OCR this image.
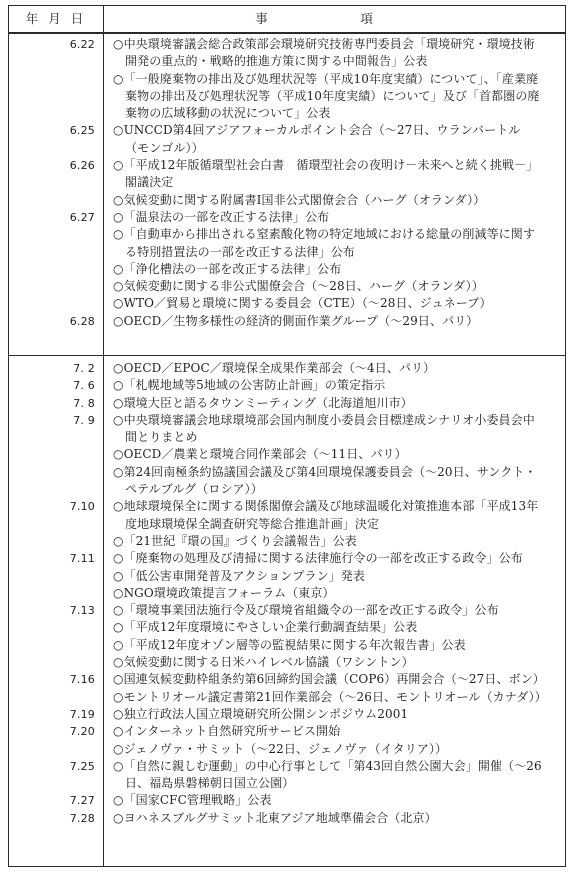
年 月 日	事　項
6.22 ○中央環境審議会総合政策部会環境研究技術専門委員会「環境研究・環境技術
開発の重点的・戦略的推進方策に関する中間報告」公表
○「一般廃棄物の排出及び処理状況等（平成10年度実績）について」、「産業廃
棄物の排出及び処理状況等（平成10年度実績）について」及び「首都圏の廃
棄物の広域移動の状況について」公表
6.25 ○UNCCD第4回アジアフォーカルポイント会合（～27日、ウランバートル
（モンゴル））
6.26 ○「平成12年版循環型社会白書　循環型社会の夜明け－未来へと続く挑戦－」
閣議決定
○気候変動に関する附属書Ⅰ国非公式閣僚会合（ハーグ（オランダ））
6.27 ○「温泉法の一部を改正する法律」公布
○「自動車から排出される窒素酸化物の特定地域における総量の削減等に関す
る特別措置法の一部を改正する法律」公布
○「浄化槽法の一部を改正する法律」公布
○気候変動に関する非公式閣僚会合（～28日、ハーグ（オランダ））
○WTO／貿易と環境に関する委員会（CTE）（～28日、ジュネーブ）
6.28 ○OECD／生物多様性の経済的側面作業グループ（～29日、パリ）
7. 2 ○OECD／EPOC／環境保全成果作業部会（～4日、パリ）
7. 6 ○「札幌地域等5地域の公害防止計画」の策定指示
7. 8 ○環境大臣と語るタウンミーティング（北海道旭川市）
7. 9 ○中央環境審議会地球環境部会国内制度小委員会目標達成シナリオ小委員会中
間とりまとめ
○OECD／農業と環境合同作業部会（～11日、パリ）
○第24回南極条約協議国会議及び第4回環境保護委員会（～20日、サンクト・
ペテルブルグ（ロシア））
7.10 ○地球環境保全に関する関係閣僚会議及び地球温暖化対策推進本部「平成13年
度地球環境保全調査研究等総合推進計画」決定
○「21世紀『環の国』づくり会議報告」公表
7.11 ○「廃棄物の処理及び清掃に関する法律施行令の一部を改正する政令」公布
○「低公害車開発普及アクションプラン」発表
○NGO環境政策提言フォーラム（東京）
7.13 ○「環境事業団法施行令及び環境省組織令の一部を改正する政令」公布
○「平成12年度環境にやさしい企業行動調査結果」公表
○「平成12年度オゾン層等の監視結果に関する年次報告書」公表
○気候変動に関する日米ハイレベル協議（ワシントン）
7.16 ○国連気候変動枠組条約第6回締約国会議（COP6）再開会合（～27日、ボン）
○モントリオール議定書第21回作業部会（～26日、モントリオール（カナダ））
7.19 ○独立行政法人国立環境研究所公開シンポジウム2001
7.20 ○インターネット自然研究所サービス開始
○ジェノヴァ・サミット（～22日、ジェノヴァ（イタリア））
7.25 ○「自然に親しむ運動」の中心行事として「第43回自然公園大会」開催（～26
日、福島県磐梯朝日国立公園）
7.27 ○「国家CFC管理戦略」公表
7.28 ○ヨハネスブルグサミット北東アジア地域準備会合（北京）
